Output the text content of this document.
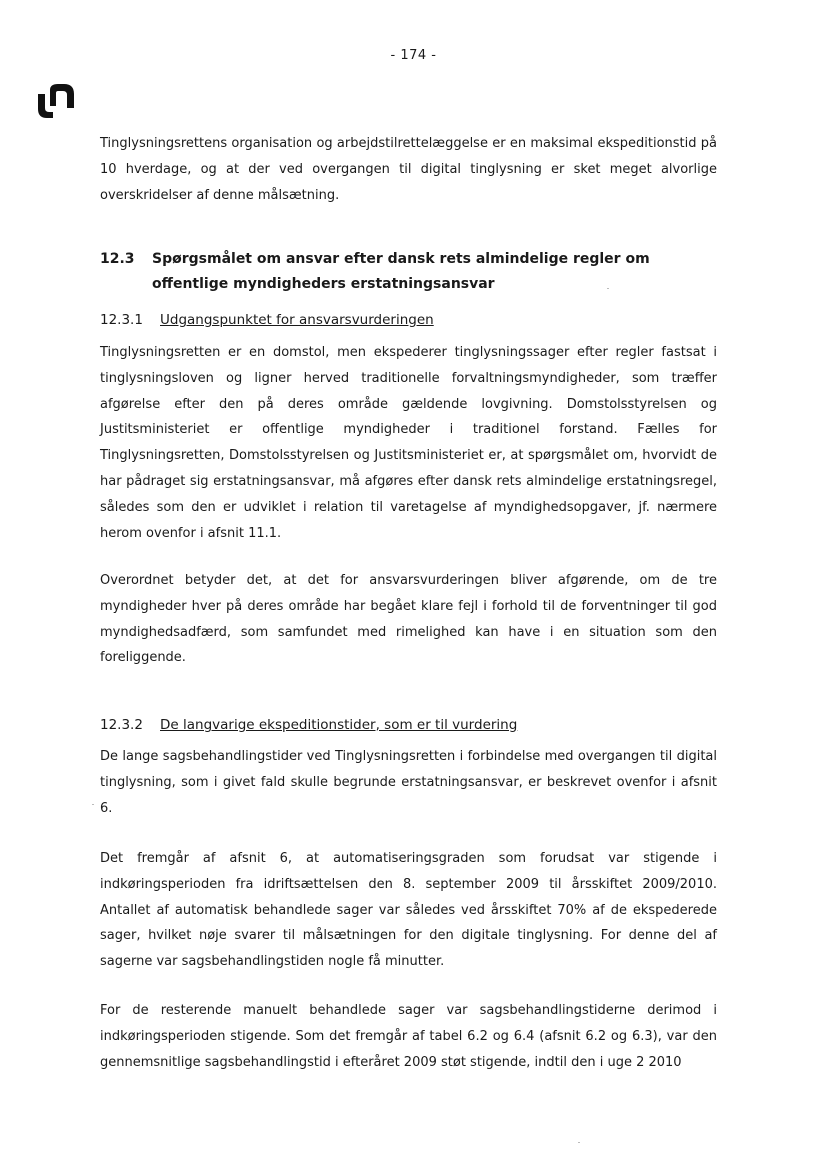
- 174 -

Tinglysningsrettens organisation og arbejdstilrettelæggelse er en maksimal ekspeditionstid på 10 hverdage, og at der ved overgangen til digital tinglysning er sket meget alvorlige overskridelser af denne målsætning.

12.3 Spørgsmålet om ansvar efter dansk rets almindelige regler om offentlige myndigheders erstatningsansvar
12.3.1 Udgangspunktet for ansvarsvurderingen

Tinglysningsretten er en domstol, men ekspederer tinglysningssager efter regler fastsat i tinglysningsloven og ligner herved traditionelle forvaltningsmyndigheder, som træffer afgørelse efter den på deres område gældende lovgivning. Domstolsstyrelsen og Justitsministeriet er offentlige myndigheder i traditionel forstand. Fælles for Tinglysningsretten, Domstolsstyrelsen og Justitsministeriet er, at spørgsmålet om, hvorvidt de har pådraget sig erstatningsansvar, må afgøres efter dansk rets almindelige erstatningsregel, således som den er udviklet i relation til varetagelse af myndighedsopgaver, jf. nærmere herom ovenfor i afsnit 11.1.

Overordnet betyder det, at det for ansvarsvurderingen bliver afgørende, om de tre myndigheder hver på deres område har begået klare fejl i forhold til de forventninger til god myndighedsadfærd, som samfundet med rimelighed kan have i en situation som den foreliggende.

12.3.2 De langvarige ekspeditionstider, som er til vurdering

De lange sagsbehandlingstider ved Tinglysningsretten i forbindelse med overgangen til digital tinglysning, som i givet fald skulle begrunde erstatningsansvar, er beskrevet ovenfor i afsnit 6.

Det fremgår af afsnit 6, at automatiseringsgraden som forudsat var stigende i indkøringsperioden fra idriftsættelsen den 8. september 2009 til årsskiftet 2009/2010. Antallet af automatisk behandlede sager var således ved årsskiftet 70% af de ekspederede sager, hvilket nøje svarer til målsætningen for den digitale tinglysning. For denne del af sagerne var sagsbehandlingstiden nogle få minutter.

For de resterende manuelt behandlede sager var sagsbehandlingstiderne derimod i indkøringsperioden stigende. Som det fremgår af tabel 6.2 og 6.4 (afsnit 6.2 og 6.3), var den gennemsnitlige sagsbehandlingstid i efteråret 2009 støt stigende, indtil den i uge 2 2010
